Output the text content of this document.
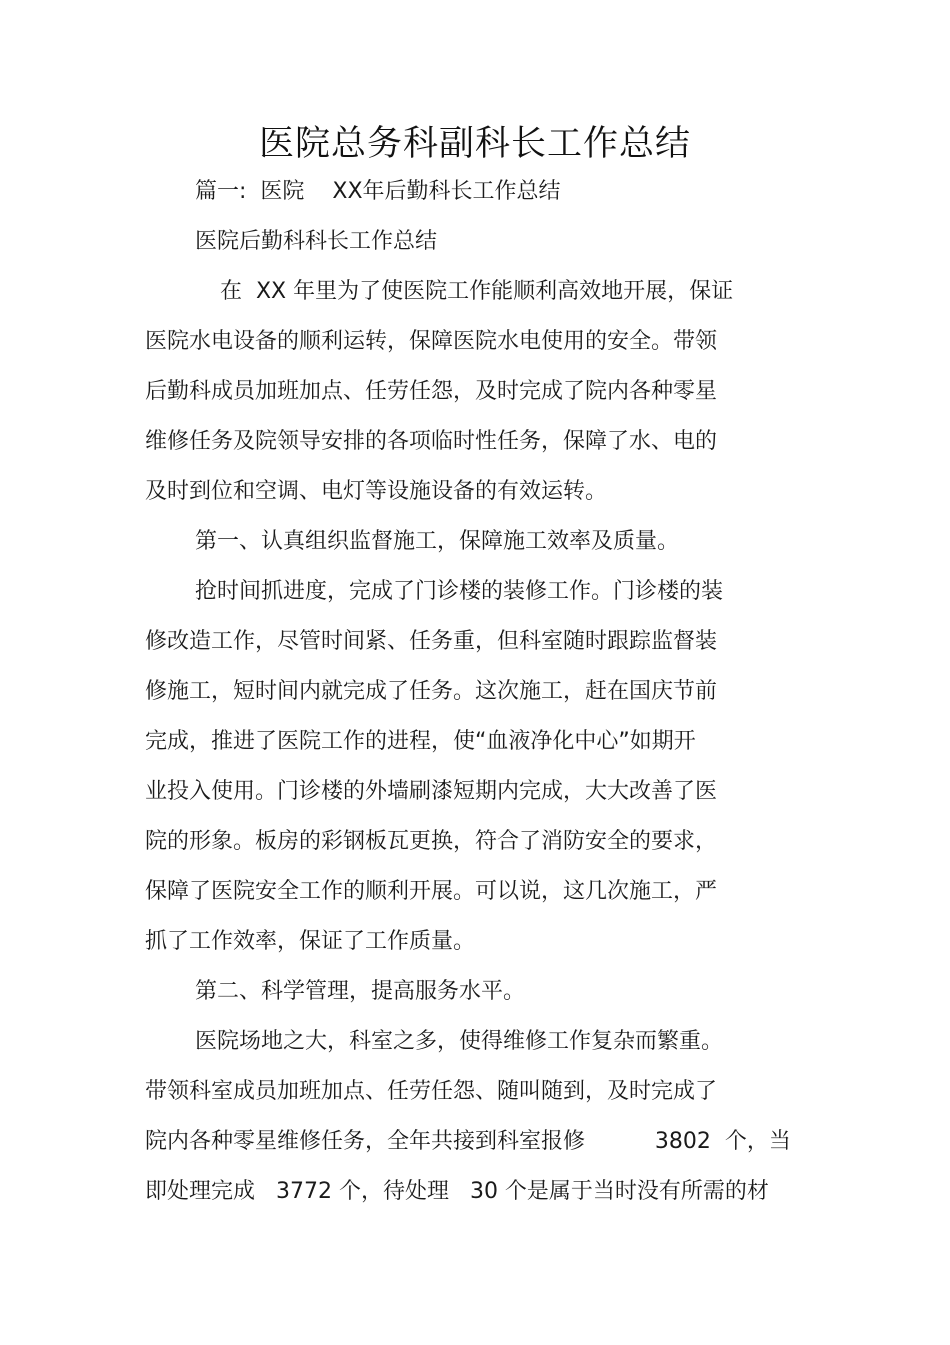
医院总务科副科长工作总结
篇一:  医院    XX年后勤科长工作总结
医院后勤科科长工作总结
在  XX 年里为了使医院工作能顺利高效地开展，保证
医院水电设备的顺利运转，保障医院水电使用的安全。带领
后勤科成员加班加点、任劳任怨，及时完成了院内各种零星
维修任务及院领导安排的各项临时性任务，保障了水、电的
及时到位和空调、电灯等设施设备的有效运转。
第一、认真组织监督施工，保障施工效率及质量。
抢时间抓进度，完成了门诊楼的装修工作。门诊楼的装
修改造工作，尽管时间紧、任务重，但科室随时跟踪监督装
修施工，短时间内就完成了任务。这次施工，赶在国庆节前
完成，推进了医院工作的进程，使“血液净化中心”如期开
业投入使用。门诊楼的外墙刷漆短期内完成，大大改善了医
院的形象。板房的彩钢板瓦更换，符合了消防安全的要求，
保障了医院安全工作的顺利开展。可以说，这几次施工，严
抓了工作效率，保证了工作质量。
第二、科学管理，提高服务水平。
医院场地之大，科室之多，使得维修工作复杂而繁重。
带领科室成员加班加点、任劳任怨、随叫随到，及时完成了
院内各种零星维修任务，全年共接到科室报修          3802  个，当
即处理完成   3772 个，待处理   30 个是属于当时没有所需的材
